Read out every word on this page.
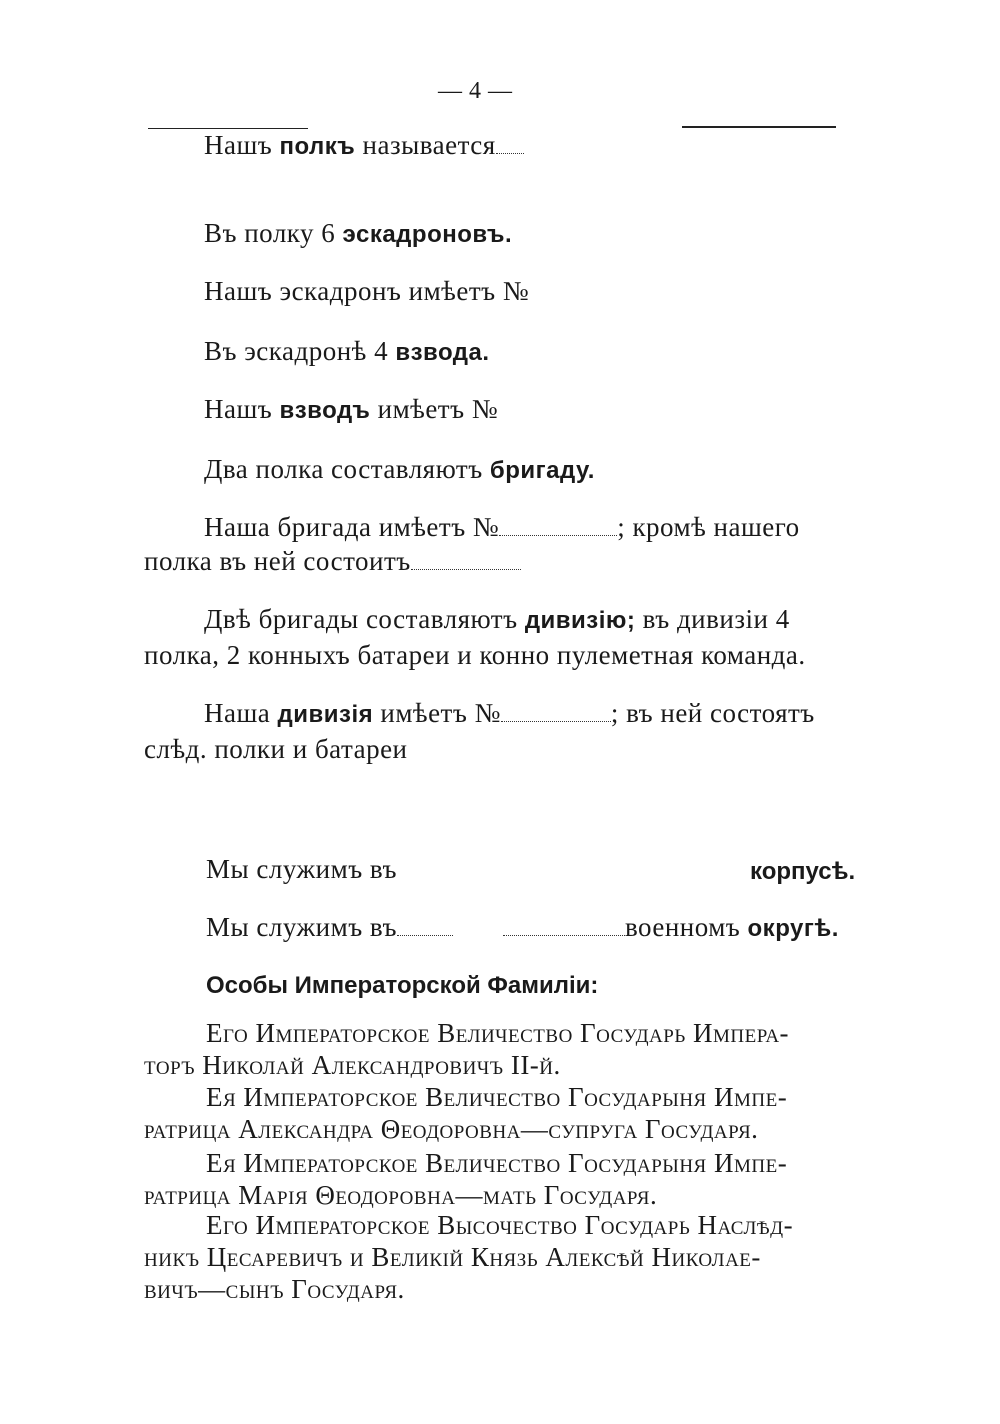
— 4 —
Нашъ полкъ называется
Въ полку 6 эскадроновъ.
Нашъ эскадронъ имѣетъ №
Въ эскадронѣ 4 взвода.
Нашъ взводъ имѣетъ №
Два полка составляютъ бригаду.
Наша бригада имѣетъ №	; кромѣ нашего
полка въ ней состоитъ
Двѣ бригады составляютъ дивизію; въ дивизіи 4
полка, 2 конныхъ батареи и конно пулеметная команда.
Наша дивизія имѣетъ №	; въ ней состоятъ
слѣд. полки и батареи
Мы служимъ въ	корпусѣ.
Мы служимъ въ	военномъ округѣ.
Особы Императорской Фамиліи:
Его Императорское Величество Государь Импера-
торъ Николай Александровичъ II-й.
Ея Императорское Величество Государыня Импе-
ратрица Александра Θеодоровна—супруга Государя.
Ея Императорское Величество Государыня Импе-
ратрица Марія Θеодоровна—мать Государя.
Его Императорское Высочество Государь Наслѣд-
никъ Цесаревичъ и Великій Князь Алексѣй Николае-
вичъ—сынъ Государя.
